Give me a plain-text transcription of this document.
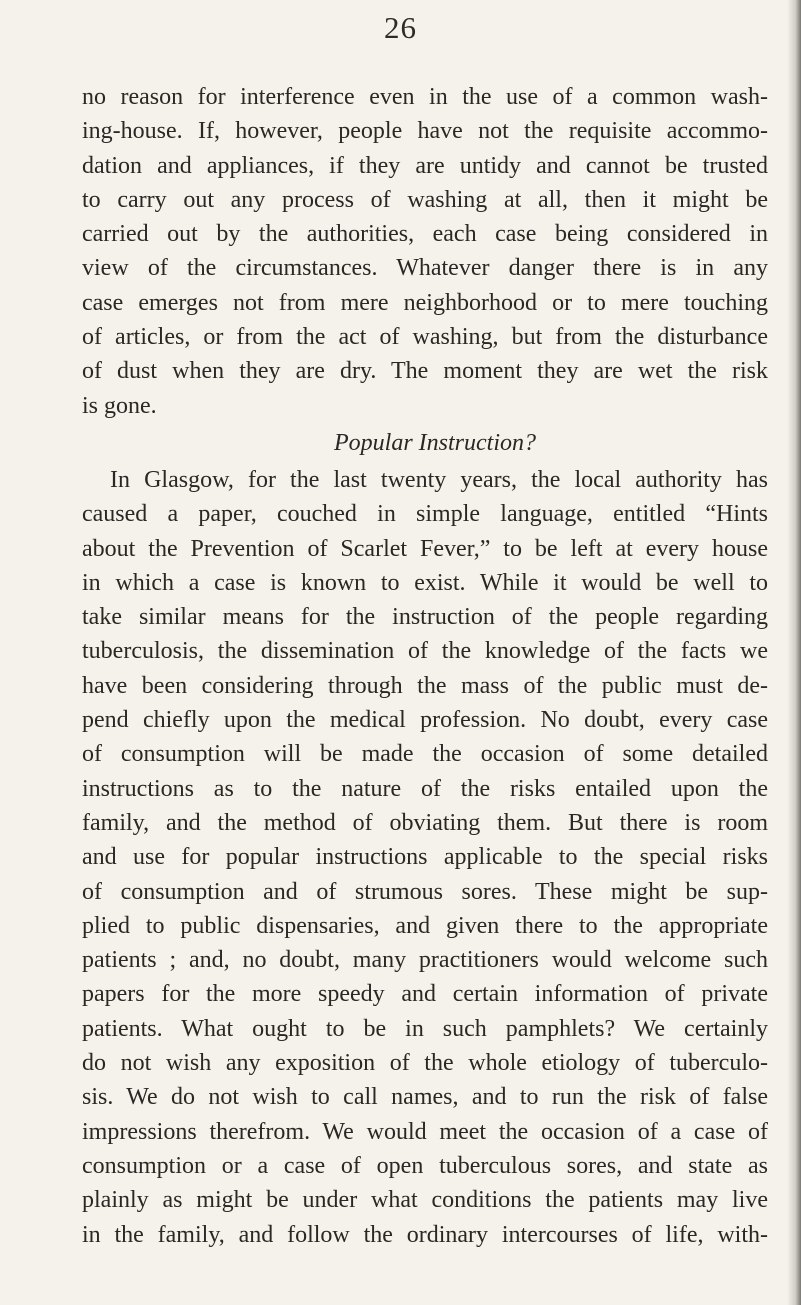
26
no reason for interference even in the use of a common wash-
ing-house. If, however, people have not the requisite accommo-
dation and appliances, if they are untidy and cannot be trusted
to carry out any process of washing at all, then it might be
carried out by the authorities, each case being considered in
view of the circumstances. Whatever danger there is in any
case emerges not from mere neighborhood or to mere touching
of articles, or from the act of washing, but from the disturbance
of dust when they are dry. The moment they are wet the risk
is gone.
Popular Instruction?
In Glasgow, for the last twenty years, the local authority has
caused a paper, couched in simple language, entitled “Hints
about the Prevention of Scarlet Fever,” to be left at every house
in which a case is known to exist. While it would be well to
take similar means for the instruction of the people regarding
tuberculosis, the dissemination of the knowledge of the facts we
have been considering through the mass of the public must de-
pend chiefly upon the medical profession. No doubt, every case
of consumption will be made the occasion of some detailed
instructions as to the nature of the risks entailed upon the
family, and the method of obviating them. But there is room
and use for popular instructions applicable to the special risks
of consumption and of strumous sores. These might be sup-
plied to public dispensaries, and given there to the appropriate
patients ; and, no doubt, many practitioners would welcome such
papers for the more speedy and certain information of private
patients. What ought to be in such pamphlets? We certainly
do not wish any exposition of the whole etiology of tuberculo-
sis. We do not wish to call names, and to run the risk of false
impressions therefrom. We would meet the occasion of a case of
consumption or a case of open tuberculous sores, and state as
plainly as might be under what conditions the patients may live
in the family, and follow the ordinary intercourses of life, with-
